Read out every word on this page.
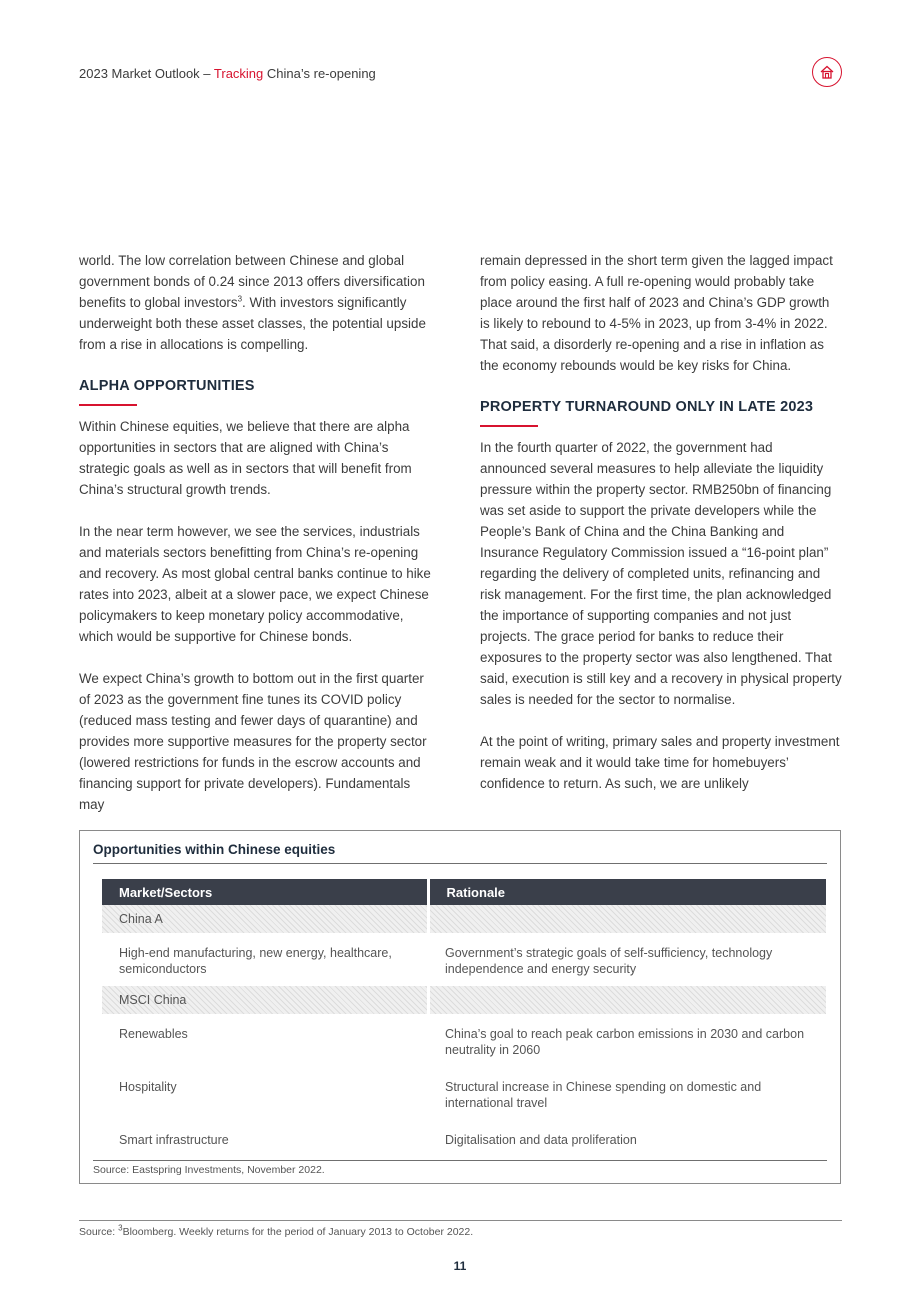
2023 Market Outlook – Tracking China’s re-opening

world. The low correlation between Chinese and global government bonds of 0.24 since 2013 offers diversification benefits to global investors$^3$. With investors significantly underweight both these asset classes, the potential upside from a rise in allocations is compelling.

ALPHA OPPORTUNITIES

Within Chinese equities, we believe that there are alpha opportunities in sectors that are aligned with China’s strategic goals as well as in sectors that will benefit from China’s structural growth trends.

In the near term however, we see the services, industrials and materials sectors benefitting from China’s re-opening and recovery. As most global central banks continue to hike rates into 2023, albeit at a slower pace, we expect Chinese policymakers to keep monetary policy accommodative, which would be supportive for Chinese bonds.

We expect China’s growth to bottom out in the first quarter of 2023 as the government fine tunes its COVID policy (reduced mass testing and fewer days of quarantine) and provides more supportive measures for the property sector (lowered restrictions for funds in the escrow accounts and financing support for private developers). Fundamentals may

remain depressed in the short term given the lagged impact from policy easing. A full re-opening would probably take place around the first half of 2023 and China’s GDP growth is likely to rebound to 4-5% in 2023, up from 3-4% in 2022. That said, a disorderly re-opening and a rise in inflation as the economy rebounds would be key risks for China.

PROPERTY TURNAROUND ONLY IN LATE 2023

In the fourth quarter of 2022, the government had announced several measures to help alleviate the liquidity pressure within the property sector. RMB250bn of financing was set aside to support the private developers while the People’s Bank of China and the China Banking and Insurance Regulatory Commission issued a “16-point plan” regarding the delivery of completed units, refinancing and risk management. For the first time, the plan acknowledged the importance of supporting companies and not just projects. The grace period for banks to reduce their exposures to the property sector was also lengthened. That said, execution is still key and a recovery in physical property sales is needed for the sector to normalise.

At the point of writing, primary sales and property investment remain weak and it would take time for homebuyers’ confidence to return. As such, we are unlikely

Opportunities within Chinese equities
Market/Sectors	Rationale
China A	
High-end manufacturing, new energy, healthcare, semiconductors	Government’s strategic goals of self-sufficiency, technology independence and energy security
MSCI China	
Renewables	China’s goal to reach peak carbon emissions in 2030 and carbon neutrality in 2060
Hospitality	Structural increase in Chinese spending on domestic and international travel
Smart infrastructure	Digitalisation and data proliferation
Source: Eastspring Investments, November 2022.
Source: $^3$Bloomberg. Weekly returns for the period of January 2013 to October 2022.
11
